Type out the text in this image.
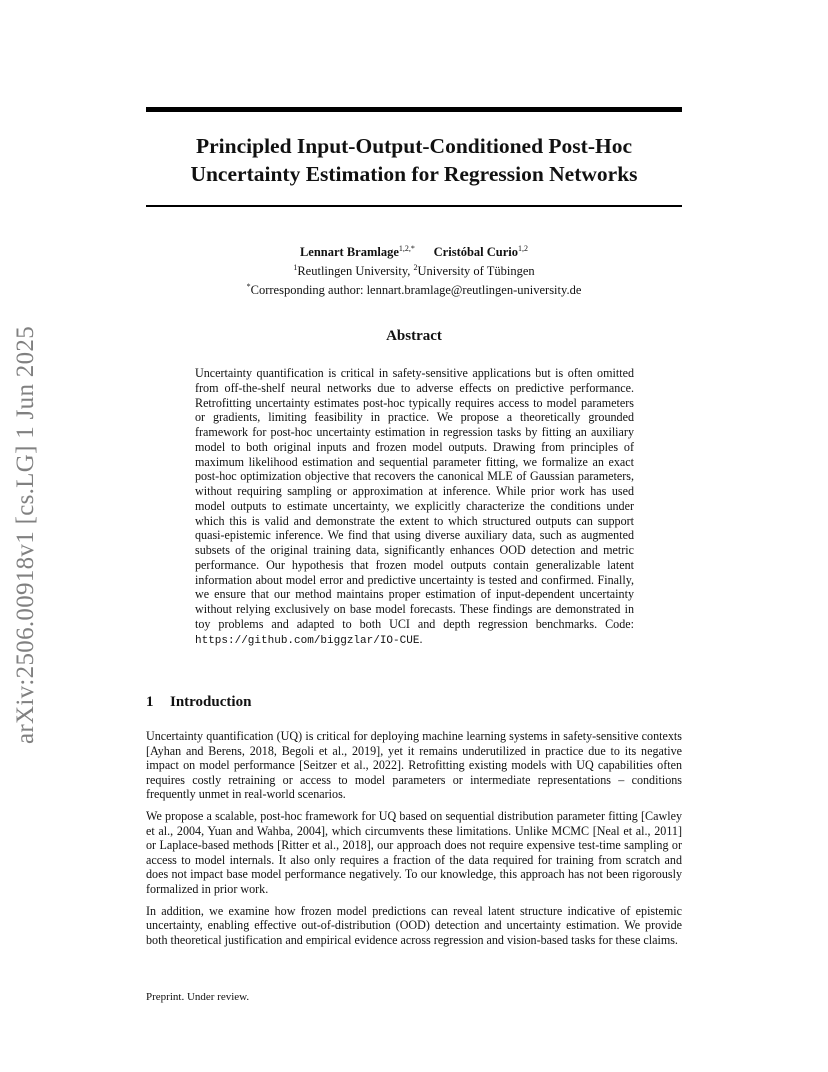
arXiv:2506.00918v1 [cs.LG] 1 Jun 2025
Principled Input-Output-Conditioned Post-Hoc
Uncertainty Estimation for Regression Networks
Lennart Bramlage$^{1,2,*}$ Cristóbal Curio$^{1,2}$
$^1$Reutlingen University, $^2$University of Tübingen
*Corresponding author: lennart.bramlage@reutlingen-university.de
Abstract
Uncertainty quantification is critical in safety-sensitive applications but is often omitted from off-the-shelf neural networks due to adverse effects on predictive performance. Retrofitting uncertainty estimates post-hoc typically requires access to model parameters or gradients, limiting feasibility in practice. We propose a theoretically grounded framework for post-hoc uncertainty estimation in regression tasks by fitting an auxiliary model to both original inputs and frozen model outputs. Drawing from principles of maximum likelihood estimation and sequential parameter fitting, we formalize an exact post-hoc optimization objective that recovers the canonical MLE of Gaussian parameters, without requiring sampling or approximation at inference. While prior work has used model outputs to estimate uncertainty, we explicitly characterize the conditions under which this is valid and demonstrate the extent to which structured outputs can support quasi-epistemic inference. We find that using diverse auxiliary data, such as augmented subsets of the original training data, significantly enhances OOD detection and metric performance. Our hypothesis that frozen model outputs contain generalizable latent information about model error and predictive uncertainty is tested and confirmed. Finally, we ensure that our method maintains proper estimation of input-dependent uncertainty without relying exclusively on base model forecasts. These findings are demonstrated in toy problems and adapted to both UCI and depth regression benchmarks. Code: https://github.com/biggzlar/IO-CUE.
1 Introduction

Uncertainty quantification (UQ) is critical for deploying machine learning systems in safety-sensitive contexts [Ayhan and Berens, 2018, Begoli et al., 2019], yet it remains underutilized in practice due to its negative impact on model performance [Seitzer et al., 2022]. Retrofitting existing models with UQ capabilities often requires costly retraining or access to model parameters or intermediate representations – conditions frequently unmet in real-world scenarios.

We propose a scalable, post-hoc framework for UQ based on sequential distribution parameter fitting [Cawley et al., 2004, Yuan and Wahba, 2004], which circumvents these limitations. Unlike MCMC [Neal et al., 2011] or Laplace-based methods [Ritter et al., 2018], our approach does not require expensive test-time sampling or access to model internals. It also only requires a fraction of the data required for training from scratch and does not impact base model performance negatively. To our knowledge, this approach has not been rigorously formalized in prior work.

In addition, we examine how frozen model predictions can reveal latent structure indicative of epistemic uncertainty, enabling effective out-of-distribution (OOD) detection and uncertainty estimation. We provide both theoretical justification and empirical evidence across regression and vision-based tasks for these claims.

Preprint. Under review.
